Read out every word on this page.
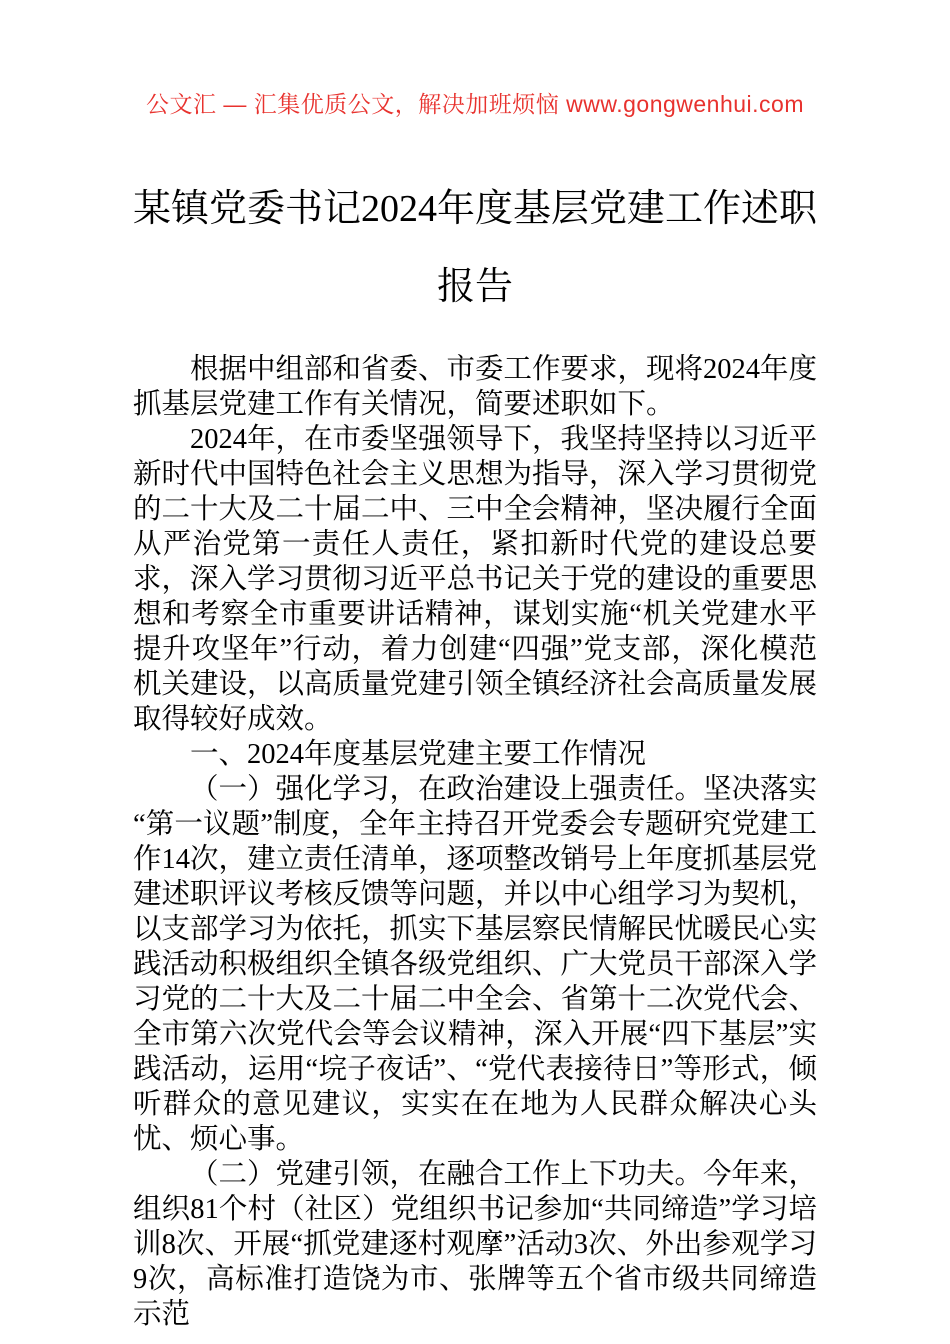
公文汇 — 汇集优质公文，解决加班烦恼 www.gongwenhui.com
某镇党委书记2024年度基层党建工作述职报告

根据中组部和省委、市委工作要求，现将2024年度抓基层党建工作有关情况，简要述职如下。

2024年，在市委坚强领导下，我坚持坚持以习近平新时代中国特色社会主义思想为指导，深入学习贯彻党的二十大及二十届二中、三中全会精神，坚决履行全面从严治党第一责任人责任，紧扣新时代党的建设总要求，深入学习贯彻习近平总书记关于党的建设的重要思想和考察全市重要讲话精神，谋划实施“机关党建水平提升攻坚年”行动，着力创建“四强”党支部，深化模范机关建设，以高质量党建引领全镇经济社会高质量发展取得较好成效。

一、2024年度基层党建主要工作情况

（一）强化学习，在政治建设上强责任。坚决落实“第一议题”制度，全年主持召开党委会专题研究党建工作14次，建立责任清单，逐项整改销号上年度抓基层党建述职评议考核反馈等问题，并以中心组学习为契机，以支部学习为依托，抓实下基层察民情解民忧暖民心实践活动积极组织全镇各级党组织、广大党员干部深入学习党的二十大及二十届二中全会、省第十二次党代会、全市第六次党代会等会议精神，深入开展“四下基层”实践活动，运用“垸子夜话”、“党代表接待日”等形式，倾听群众的意见建议，实实在在地为人民群众解决心头忧、烦心事。

（二）党建引领，在融合工作上下功夫。今年来，组织81个村（社区）党组织书记参加“共同缔造”学习培训8次、开展“抓党建逐村观摩”活动3次、外出参观学习9次，高标准打造饶为市、张牌等五个省市级共同缔造示范
